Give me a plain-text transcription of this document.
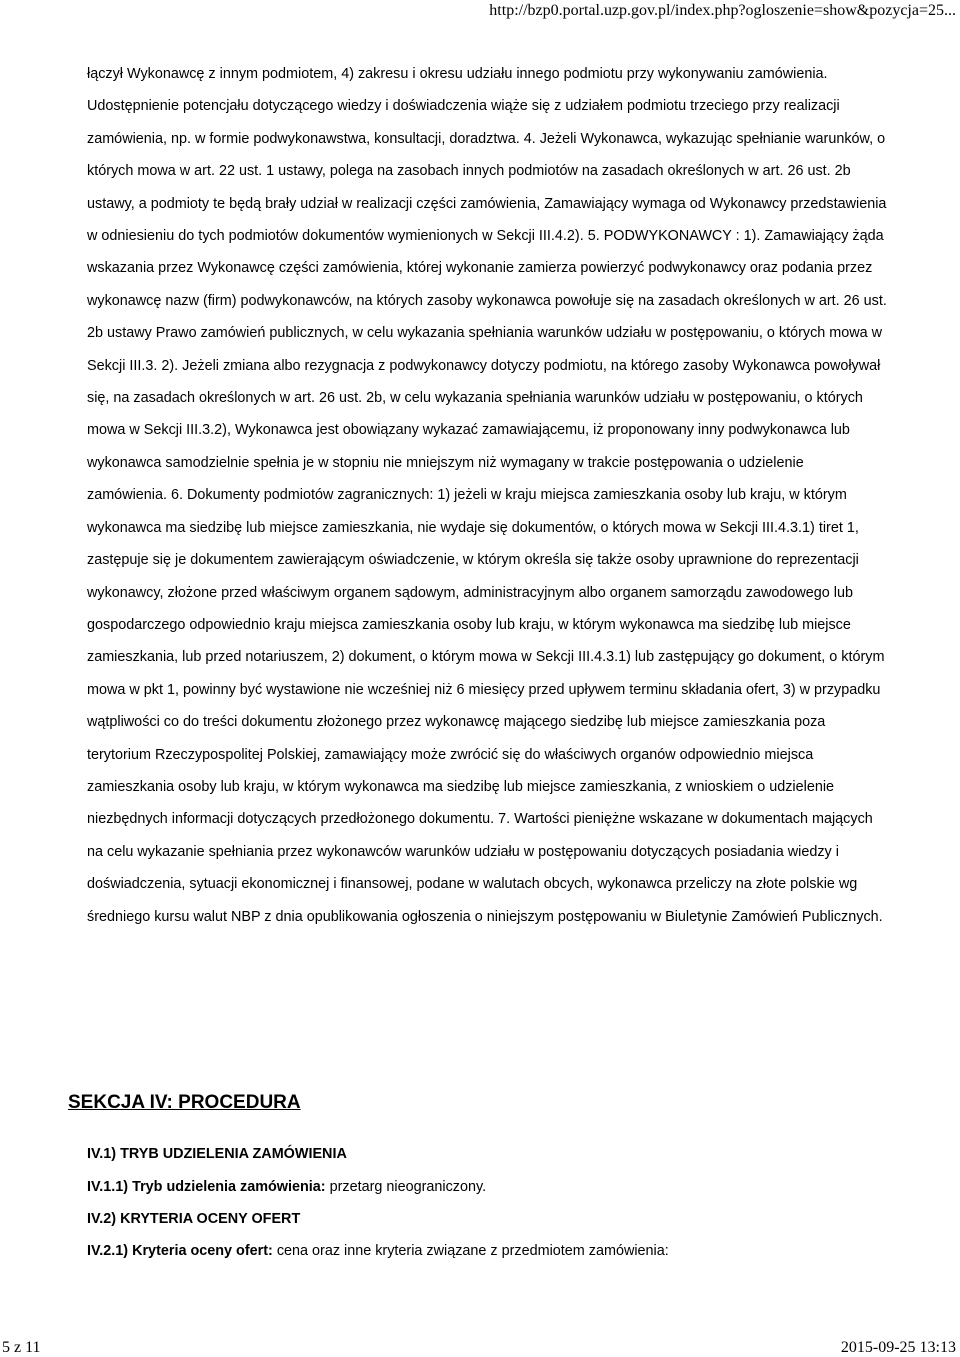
http://bzp0.portal.uzp.gov.pl/index.php?ogloszenie=show&pozycja=25...

łączył Wykonawcę z innym podmiotem, 4) zakresu i okresu udziału innego podmiotu przy wykonywaniu zamówienia. Udostępnienie potencjału dotyczącego wiedzy i doświadczenia wiąże się z udziałem podmiotu trzeciego przy realizacji zamówienia, np. w formie podwykonawstwa, konsultacji, doradztwa. 4. Jeżeli Wykonawca, wykazując spełnianie warunków, o których mowa w art. 22 ust. 1 ustawy, polega na zasobach innych podmiotów na zasadach określonych w art. 26 ust. 2b ustawy, a podmioty te będą brały udział w realizacji części zamówienia, Zamawiający wymaga od Wykonawcy przedstawienia w odniesieniu do tych podmiotów dokumentów wymienionych w Sekcji III.4.2). 5. PODWYKONAWCY : 1). Zamawiający żąda wskazania przez Wykonawcę części zamówienia, której wykonanie zamierza powierzyć podwykonawcy oraz podania przez wykonawcę nazw (firm) podwykonawców, na których zasoby wykonawca powołuje się na zasadach określonych w art. 26 ust. 2b ustawy Prawo zamówień publicznych, w celu wykazania spełniania warunków udziału w postępowaniu, o których mowa w Sekcji III.3. 2). Jeżeli zmiana albo rezygnacja z podwykonawcy dotyczy podmiotu, na którego zasoby Wykonawca powoływał się, na zasadach określonych w art. 26 ust. 2b, w celu wykazania spełniania warunków udziału w postępowaniu, o których mowa w Sekcji III.3.2), Wykonawca jest obowiązany wykazać zamawiającemu, iż proponowany inny podwykonawca lub wykonawca samodzielnie spełnia je w stopniu nie mniejszym niż wymagany w trakcie postępowania o udzielenie zamówienia. 6. Dokumenty podmiotów zagranicznych: 1) jeżeli w kraju miejsca zamieszkania osoby lub kraju, w którym wykonawca ma siedzibę lub miejsce zamieszkania, nie wydaje się dokumentów, o których mowa w Sekcji III.4.3.1) tiret 1, zastępuje się je dokumentem zawierającym oświadczenie, w którym określa się także osoby uprawnione do reprezentacji wykonawcy, złożone przed właściwym organem sądowym, administracyjnym albo organem samorządu zawodowego lub gospodarczego odpowiednio kraju miejsca zamieszkania osoby lub kraju, w którym wykonawca ma siedzibę lub miejsce zamieszkania, lub przed notariuszem, 2) dokument, o którym mowa w Sekcji III.4.3.1) lub zastępujący go dokument, o którym mowa w pkt 1, powinny być wystawione nie wcześniej niż 6 miesięcy przed upływem terminu składania ofert, 3) w przypadku wątpliwości co do treści dokumentu złożonego przez wykonawcę mającego siedzibę lub miejsce zamieszkania poza terytorium Rzeczypospolitej Polskiej, zamawiający może zwrócić się do właściwych organów odpowiednio miejsca zamieszkania osoby lub kraju, w którym wykonawca ma siedzibę lub miejsce zamieszkania, z wnioskiem o udzielenie niezbędnych informacji dotyczących przedłożonego dokumentu. 7. Wartości pieniężne wskazane w dokumentach mających na celu wykazanie spełniania przez wykonawców warunków udziału w postępowaniu dotyczących posiadania wiedzy i doświadczenia, sytuacji ekonomicznej i finansowej, podane w walutach obcych, wykonawca przeliczy na złote polskie wg średniego kursu walut NBP z dnia opublikowania ogłoszenia o niniejszym postępowaniu w Biuletynie Zamówień Publicznych.

SEKCJA IV: PROCEDURA

IV.1) TRYB UDZIELENIA ZAMÓWIENIA

IV.1.1) Tryb udzielenia zamówienia: przetarg nieograniczony.

IV.2) KRYTERIA OCENY OFERT

IV.2.1) Kryteria oceny ofert: cena oraz inne kryteria związane z przedmiotem zamówienia:

5 z 11	2015-09-25 13:13
